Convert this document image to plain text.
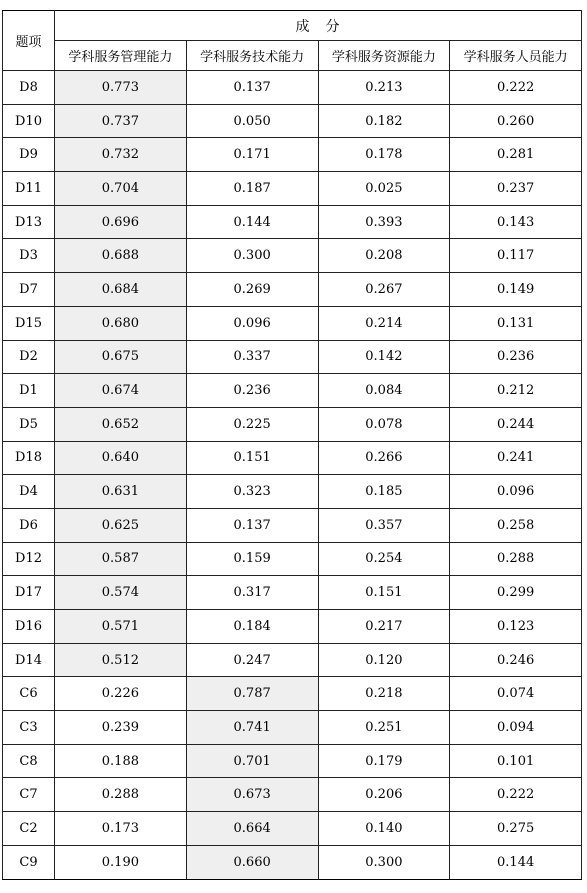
题项	成　分			
	学科服务管理能力	学科服务技术能力	学科服务资源能力	学科服务人员能力
D8	0.773	0.137	0.213	0.222
D10	0.737	0.050	0.182	0.260
D9	0.732	0.171	0.178	0.281
D11	0.704	0.187	0.025	0.237
D13	0.696	0.144	0.393	0.143
D3	0.688	0.300	0.208	0.117
D7	0.684	0.269	0.267	0.149
D15	0.680	0.096	0.214	0.131
D2	0.675	0.337	0.142	0.236
D1	0.674	0.236	0.084	0.212
D5	0.652	0.225	0.078	0.244
D18	0.640	0.151	0.266	0.241
D4	0.631	0.323	0.185	0.096
D6	0.625	0.137	0.357	0.258
D12	0.587	0.159	0.254	0.288
D17	0.574	0.317	0.151	0.299
D16	0.571	0.184	0.217	0.123
D14	0.512	0.247	0.120	0.246
C6	0.226	0.787	0.218	0.074
C3	0.239	0.741	0.251	0.094
C8	0.188	0.701	0.179	0.101
C7	0.288	0.673	0.206	0.222
C2	0.173	0.664	0.140	0.275
C9	0.190	0.660	0.300	0.144
